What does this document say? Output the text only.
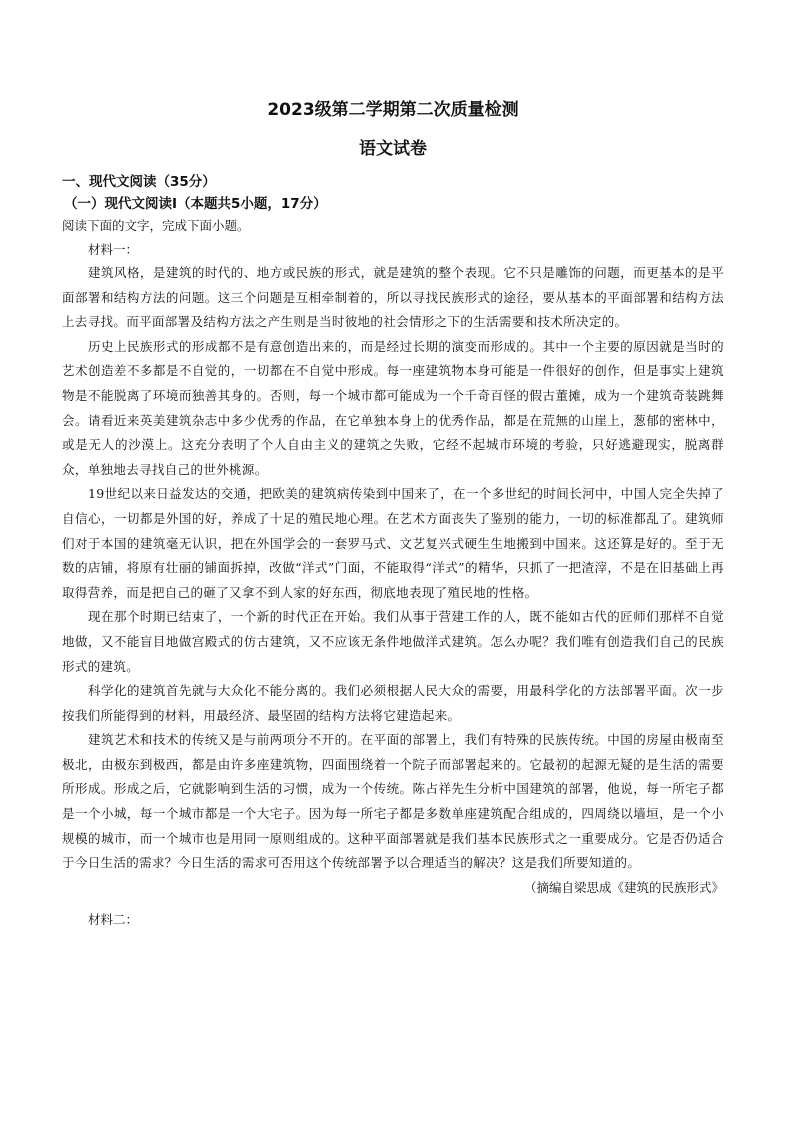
2023级第二学期第二次质量检测
语文试卷

一、现代文阅读（35分）

（一）现代文阅读I（本题共5小题，17分）

阅读下面的文字，完成下面小题。

材料一：

建筑风格，是建筑的时代的、地方或民族的形式，就是建筑的整个表现。它不只是雕饰的问题，而更基本的是平面部署和结构方法的问题。这三个问题是互相牵制着的，所以寻找民族形式的途径，要从基本的平面部署和结构方法上去寻找。而平面部署及结构方法之产生则是当时彼地的社会情形之下的生活需要和技术所决定的。

历史上民族形式的形成都不是有意创造出来的，而是经过长期的演变而形成的。其中一个主要的原因就是当时的艺术创造差不多都是不自觉的，一切都在不自觉中形成。每一座建筑物本身可能是一件很好的创作，但是事实上建筑物是不能脱离了环境而独善其身的。否则，每一个城市都可能成为一个千奇百怪的假古董摊，成为一个建筑奇装跳舞会。请看近来英美建筑杂志中多少优秀的作品，在它单独本身上的优秀作品，都是在荒無的山崖上，葱郁的密林中，或是无人的沙漠上。这充分表明了个人自由主义的建筑之失败，它经不起城市环境的考验，只好逃避现实，脱离群众，单独地去寻找自己的世外桃源。

19世纪以来日益发达的交通，把欧美的建筑病传染到中国来了，在一个多世纪的时间长河中，中国人完全失掉了自信心，一切都是外国的好，养成了十足的殖民地心理。在艺术方面丧失了鉴别的能力，一切的标准都乱了。建筑师们对于本国的建筑毫无认识，把在外国学会的一套罗马式、文艺复兴式硬生生地搬到中国来。这还算是好的。至于无数的店铺，将原有壮丽的铺面拆掉，改做“洋式”门面，不能取得“洋式”的精华，只抓了一把渣滓，不是在旧基础上再取得营养，而是把自己的砸了又拿不到人家的好东西，彻底地表现了殖民地的性格。

现在那个时期已结束了，一个新的时代正在开始。我们从事于营建工作的人，既不能如古代的匠师们那样不自觉地做，又不能盲目地做宫殿式的仿古建筑，又不应该无条件地做洋式建筑。怎么办呢？我们唯有创造我们自己的民族形式的建筑。

科学化的建筑首先就与大众化不能分离的。我们必须根据人民大众的需要，用最科学化的方法部署平面。次一步按我们所能得到的材料，用最经济、最坚固的结构方法将它建造起来。

建筑艺术和技术的传统又是与前两项分不开的。在平面的部署上，我们有特殊的民族传统。中国的房屋由极南至极北，由极东到极西，都是由许多座建筑物，四面围绕着一个院子而部署起来的。它最初的起源无疑的是生活的需要所形成。形成之后，它就影响到生活的习惯，成为一个传统。陈占祥先生分析中国建筑的部署，他说，每一所宅子都是一个小城，每一个城市都是一个大宅子。因为每一所宅子都是多数单座建筑配合组成的，四周绕以墙垣，是一个小规模的城市，而一个城市也是用同一原则组成的。这种平面部署就是我们基本民族形式之一重要成分。它是否仍适合于今日生活的需求？今日生活的需求可否用这个传统部署予以合理适当的解决？这是我们所要知道的。

（摘编自梁思成《建筑的民族形式》

材料二：
